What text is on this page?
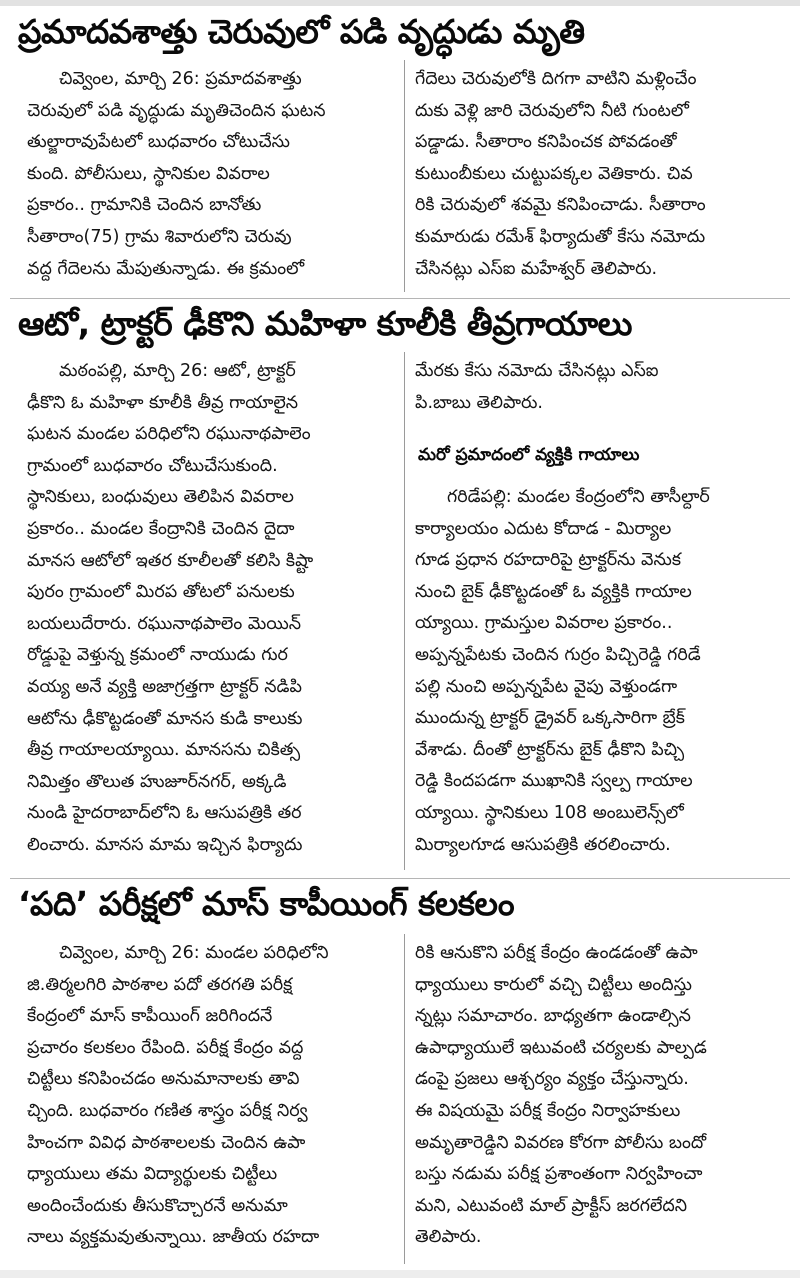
ప్రమాదవశాత్తు చెరువులో పడి వృద్ధుడు మృతి
చివ్వెంల, మార్చి 26: ప్రమాదవశాత్తు
చెరువులో పడి వృద్ధుడు మృతిచెందిన ఘటన
తుల్జారావుపేటలో బుధవారం చోటుచేసు
కుంది. పోలీసులు, స్థానికుల వివరాల
ప్రకారం.. గ్రామానికి చెందిన బానోతు
సీతారాం(75) గ్రామ శివారులోని చెరువు
వద్ద గేదెలను మేపుతున్నాడు. ఈ క్రమంలో
గేదెలు చెరువులోకి దిగగా వాటిని మళ్లించేం
దుకు వెళ్లి జారి చెరువులోని నీటి గుంటలో
పడ్డాడు. సీతారాం కనిపించక పోవడంతో
కుటుంబీకులు చుట్టుపక్కల వెతికారు. చివ
రికి చెరువులో శవమై కనిపించాడు. సీతారాం
కుమారుడు రమేశ్ ఫిర్యాదుతో కేసు నమోదు
చేసినట్లు ఎస్ఐ మహేశ్వర్ తెలిపారు.
ఆటో, ట్రాక్టర్ ఢీకొని మహిళా కూలీకి తీవ్రగాయాలు
మఠంపల్లి, మార్చి 26: ఆటో, ట్రాక్టర్
ఢీకొని ఓ మహిళా కూలీకి తీవ్ర గాయాలైన
ఘటన మండల పరిధిలోని రఘునాథపాలెం
గ్రామంలో బుధవారం చోటుచేసుకుంది.
స్థానికులు, బంధువులు తెలిపిన వివరాల
ప్రకారం.. మండల కేంద్రానికి చెందిన దైదా
మానస ఆటోలో ఇతర కూలీలతో కలిసి కిష్టా
పురం గ్రామంలో మిరప తోటలో పనులకు
బయలుదేరారు. రఘునాథపాలెం మెయిన్
రోడ్డుపై వెళ్తున్న క్రమంలో నాయుడు గుర
వయ్య అనే వ్యక్తి అజాగ్రత్తగా ట్రాక్టర్ నడిపి
ఆటోను ఢీకొట్టడంతో మానస కుడి కాలుకు
తీవ్ర గాయాలయ్యాయి. మానసను చికిత్స
నిమిత్తం తొలుత హుజూర్‌నగర్, అక్కడి
నుండి హైదరాబాద్‌లోని ఓ ఆసుపత్రికి తర
లించారు. మానస మామ ఇచ్చిన ఫిర్యాదు
మేరకు కేసు నమోదు చేసినట్లు ఎస్ఐ
పి.బాబు తెలిపారు.
మరో ప్రమాదంలో వ్యక్తికి గాయాలు
గరిడేపల్లి: మండల కేంద్రంలోని తాసీల్దార్
కార్యాలయం ఎదుట కోదాడ - మిర్యాల
గూడ ప్రధాన రహదారిపై ట్రాక్టర్‌ను వెనుక
నుంచి బైక్ ఢీకొట్టడంతో ఓ వ్యక్తికి గాయాల
య్యాయి. గ్రామస్తుల వివరాల ప్రకారం..
అప్పన్నపేటకు చెందిన గుర్రం పిచ్చిరెడ్డి గరిడే
పల్లి నుంచి అప్పన్నపేట వైపు వెళ్తుండగా
ముందున్న ట్రాక్టర్ డ్రైవర్ ఒక్కసారిగా బ్రేక్
వేశాడు. దీంతో ట్రాక్టర్‌ను బైక్ ఢీకొని పిచ్చి
రెడ్డి కిందపడగా ముఖానికి స్వల్ప గాయాల
య్యాయి. స్థానికులు 108 అంబులెన్స్‌లో
మిర్యాలగూడ ఆసుపత్రికి తరలించారు.
‘పది’ పరీక్షలో మాస్ కాపీయింగ్ కలకలం
చివ్వెంల, మార్చి 26: మండల పరిధిలోని
జి.తిర్మలగిరి పాఠశాల పదో తరగతి పరీక్ష
కేంద్రంలో మాస్ కాపీయింగ్ జరిగిందనే
ప్రచారం కలకలం రేపింది. పరీక్ష కేంద్రం వద్ద
చిట్టీలు కనిపించడం అనుమానాలకు తావి
చ్చింది. బుధవారం గణిత శాస్త్రం పరీక్ష నిర్వ
హించగా వివిధ పాఠశాలలకు చెందిన ఉపా
ధ్యాయులు తమ విద్యార్థులకు చిట్టీలు
అందించేందుకు తీసుకొచ్చారనే అనుమా
నాలు వ్యక్తమవుతున్నాయి. జాతీయ రహదా
రికి ఆనుకొని పరీక్ష కేంద్రం ఉండడంతో ఉపా
ధ్యాయులు కారులో వచ్చి చిట్టీలు అందిస్తు
న్నట్లు సమాచారం. బాధ్యతగా ఉండాల్సిన
ఉపాధ్యాయులే ఇటువంటి చర్యలకు పాల్పడ
డంపై ప్రజలు ఆశ్చర్యం వ్యక్తం చేస్తున్నారు.
ఈ విషయమై పరీక్ష కేంద్రం నిర్వాహకులు
అమృతారెడ్డిని వివరణ కోరగా పోలీసు బందో
బస్తు నడుమ పరీక్ష ప్రశాంతంగా నిర్వహించా
మని, ఎటువంటి మాల్ ప్రాక్టీస్ జరగలేదని
తెలిపారు.
